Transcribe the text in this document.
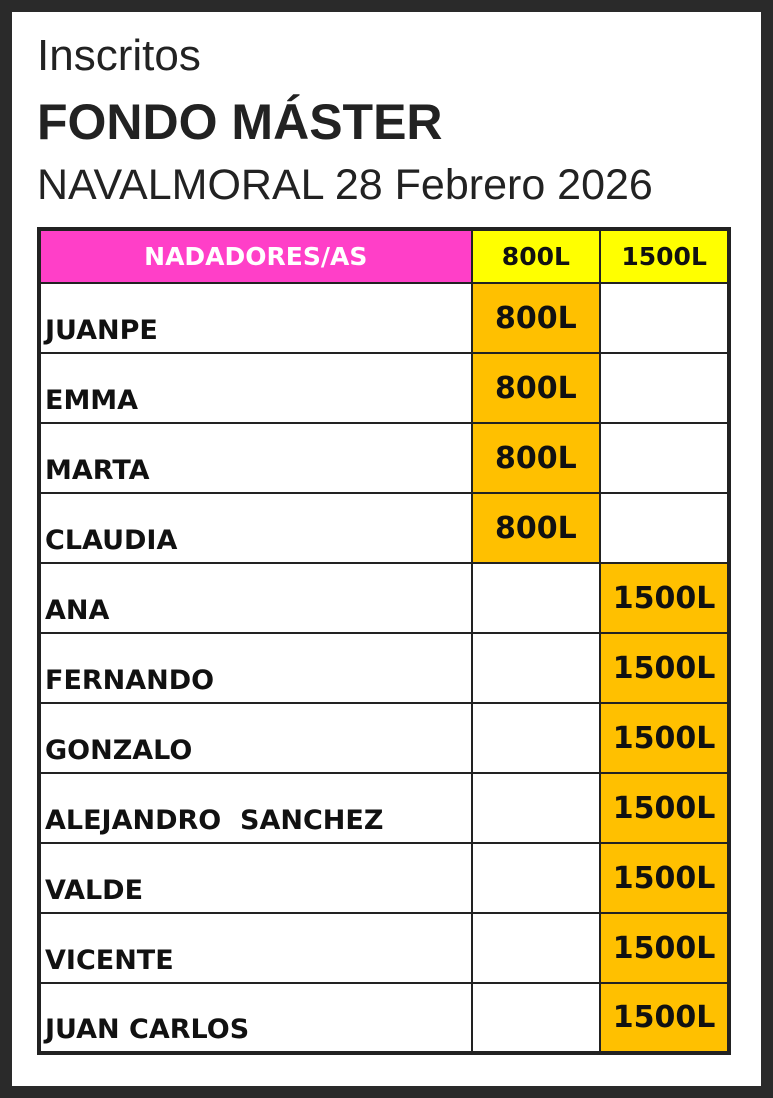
Inscritos
FONDO MÁSTER
NAVALMORAL 28 Febrero 2026
NADADORES/AS	800L	1500L
JUANPE	800L	
EMMA	800L	
MARTA	800L	
CLAUDIA	800L	
ANA		1500L
FERNANDO		1500L
GONZALO		1500L
ALEJANDRO  SANCHEZ		1500L
VALDE		1500L
VICENTE		1500L
JUAN CARLOS		1500L
